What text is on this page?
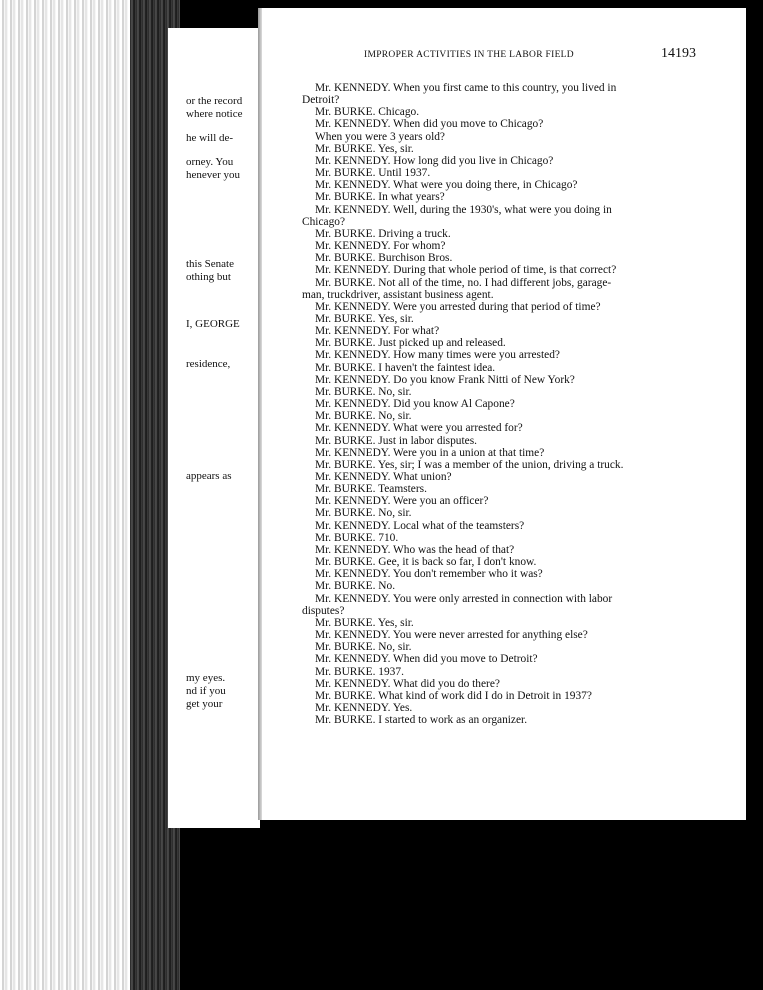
or the record
where notice
he will de-
orney. You
henever you
this Senate
othing but
I, GEORGE
residence,
appears as
my eyes.
nd if you
get your
IMPROPER ACTIVITIES IN THE LABOR FIELD	14193
Mr. KENNEDY. When you first came to this country, you lived in
Detroit?
Mr. BURKE. Chicago.
Mr. KENNEDY. When did you move to Chicago?
When you were 3 years old?
Mr. BURKE. Yes, sir.
Mr. KENNEDY. How long did you live in Chicago?
Mr. BURKE. Until 1937.
Mr. KENNEDY. What were you doing there, in Chicago?
Mr. BURKE. In what years?
Mr. KENNEDY. Well, during the 1930's, what were you doing in
Chicago?
Mr. BURKE. Driving a truck.
Mr. KENNEDY. For whom?
Mr. BURKE. Burchison Bros.
Mr. KENNEDY. During that whole period of time, is that correct?
Mr. BURKE. Not all of the time, no. I had different jobs, garage-
man, truckdriver, assistant business agent.
Mr. KENNEDY. Were you arrested during that period of time?
Mr. BURKE. Yes, sir.
Mr. KENNEDY. For what?
Mr. BURKE. Just picked up and released.
Mr. KENNEDY. How many times were you arrested?
Mr. BURKE. I haven't the faintest idea.
Mr. KENNEDY. Do you know Frank Nitti of New York?
Mr. BURKE. No, sir.
Mr. KENNEDY. Did you know Al Capone?
Mr. BURKE. No, sir.
Mr. KENNEDY. What were you arrested for?
Mr. BURKE. Just in labor disputes.
Mr. KENNEDY. Were you in a union at that time?
Mr. BURKE. Yes, sir; I was a member of the union, driving a truck.
Mr. KENNEDY. What union?
Mr. BURKE. Teamsters.
Mr. KENNEDY. Were you an officer?
Mr. BURKE. No, sir.
Mr. KENNEDY. Local what of the teamsters?
Mr. BURKE. 710.
Mr. KENNEDY. Who was the head of that?
Mr. BURKE. Gee, it is back so far, I don't know.
Mr. KENNEDY. You don't remember who it was?
Mr. BURKE. No.
Mr. KENNEDY. You were only arrested in connection with labor
disputes?
Mr. BURKE. Yes, sir.
Mr. KENNEDY. You were never arrested for anything else?
Mr. BURKE. No, sir.
Mr. KENNEDY. When did you move to Detroit?
Mr. BURKE. 1937.
Mr. KENNEDY. What did you do there?
Mr. BURKE. What kind of work did I do in Detroit in 1937?
Mr. KENNEDY. Yes.
Mr. BURKE. I started to work as an organizer.
